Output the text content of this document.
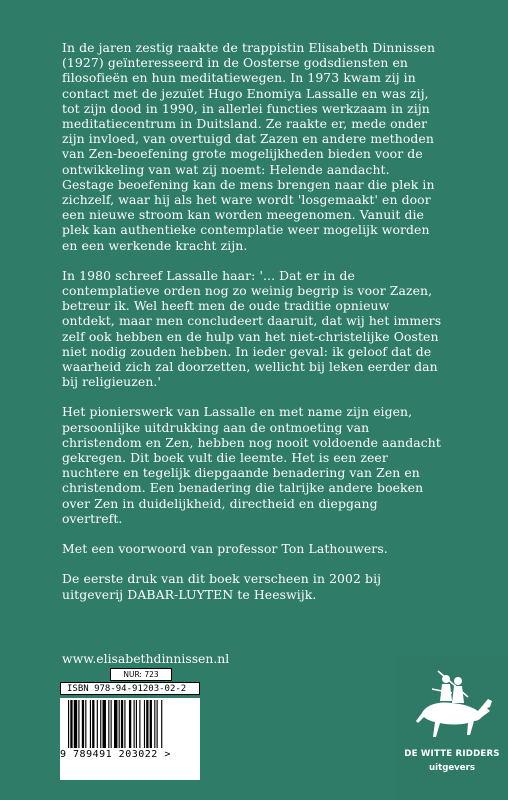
In de jaren zestig raakte de trappistin Elisabeth Dinnissen (1927) geïnteresseerd in de Oosterse godsdiensten en filosofieën en hun meditatiewegen. In 1973 kwam zij in contact met de jezuïet Hugo Enomiya Lassalle en was zij, tot zijn dood in 1990, in allerlei functies werkzaam in zijn meditatiecentrum in Duitsland. Ze raakte er, mede onder zijn invloed, van overtuigd dat Zazen en andere methoden van Zen-beoefening grote mogelijkheden bieden voor de ontwikkeling van wat zij noemt: Helende aandacht. Gestage beoefening kan de mens brengen naar die plek in zichzelf, waar hij als het ware wordt 'losgemaakt' en door een nieuwe stroom kan worden meegenomen. Vanuit die plek kan authentieke contemplatie weer mogelijk worden en een werkende kracht zijn.

In 1980 schreef Lassalle haar: '... Dat er in de contemplatieve orden nog zo weinig begrip is voor Zazen, betreur ik. Wel heeft men de oude traditie opnieuw ontdekt, maar men concludeert daaruit, dat wij het immers zelf ook hebben en de hulp van het niet-christelijke Oosten niet nodig zouden hebben. In ieder geval: ik geloof dat de waarheid zich zal doorzetten, wellicht bij leken eerder dan bij religieuzen.'

Het pionierswerk van Lassalle en met name zijn eigen, persoonlijke uitdrukking aan de ontmoeting van christendom en Zen, hebben nog nooit voldoende aandacht gekregen. Dit boek vult die leemte. Het is een zeer nuchtere en tegelijk diepgaande benadering van Zen en christendom. Een benadering die talrijke andere boeken over Zen in duidelijkheid, directheid en diepgang overtreft.

Met een voorwoord van professor Ton Lathouwers.

De eerste druk van dit boek verscheen in 2002 bij uitgeverij DABAR-LUYTEN te Heeswijk.

www.elisabethdinnissen.nl
NUR: 723
ISBN 978-94-91203-02-2
9 789491 203022 >	DE WITTE RIDDERS
uitgevers
